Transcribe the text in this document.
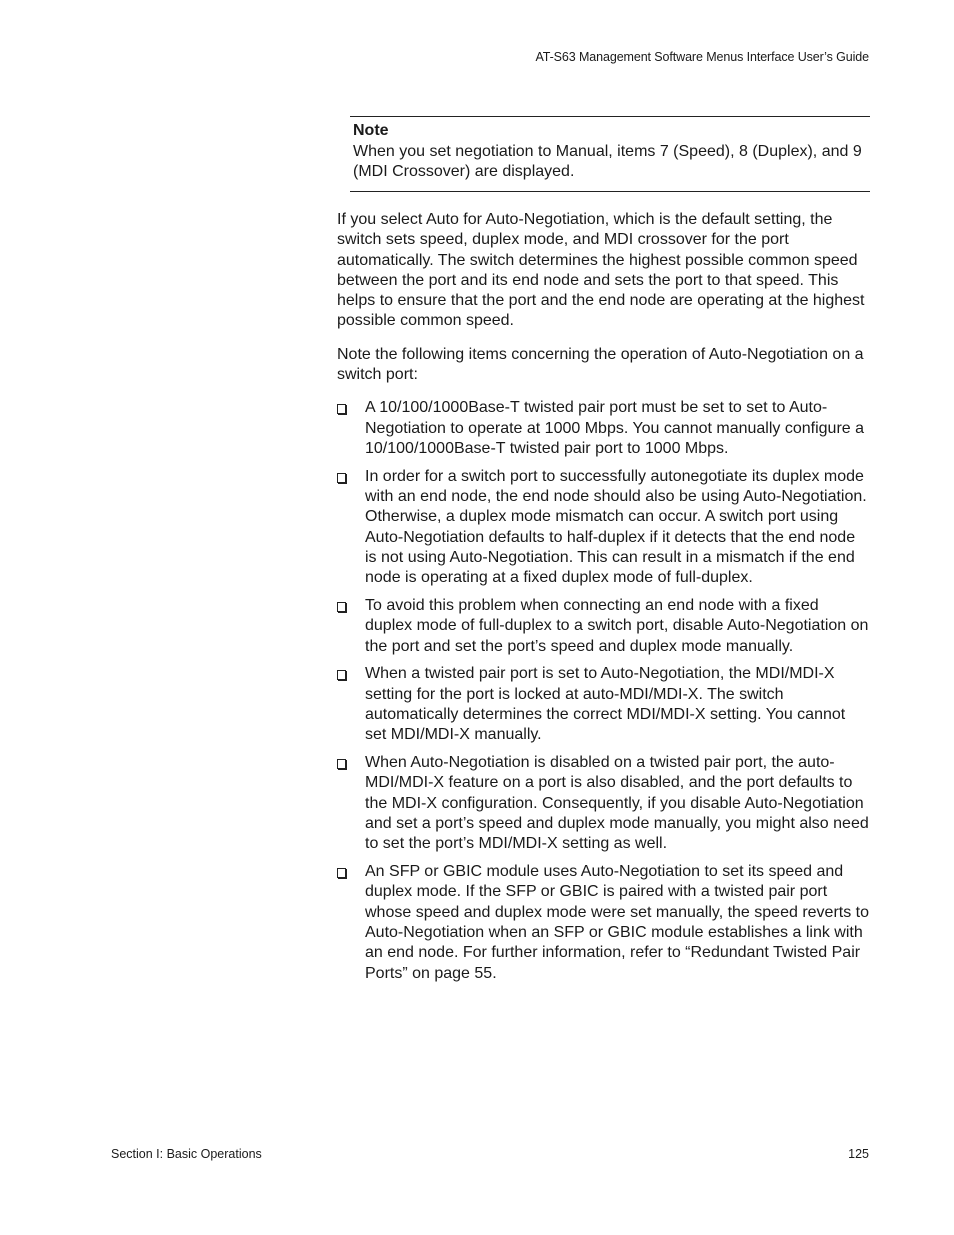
AT-S63 Management Software Menus Interface User’s Guide
Note
When you set negotiation to Manual, items 7 (Speed), 8 (Duplex), and 9 (MDI Crossover) are displayed.

If you select Auto for Auto-Negotiation, which is the default setting, the switch sets speed, duplex mode, and MDI crossover for the port automatically. The switch determines the highest possible common speed between the port and its end node and sets the port to that speed. This helps to ensure that the port and the end node are operating at the highest possible common speed.

Note the following items concerning the operation of Auto-Negotiation on a switch port:

A 10/100/1000Base-T twisted pair port must be set to set to Auto-Negotiation to operate at 1000 Mbps. You cannot manually configure a 10/100/1000Base-T twisted pair port to 1000 Mbps.
In order for a switch port to successfully autonegotiate its duplex mode with an end node, the end node should also be using Auto-Negotiation. Otherwise, a duplex mode mismatch can occur. A switch port using Auto-Negotiation defaults to half-duplex if it detects that the end node is not using Auto-Negotiation. This can result in a mismatch if the end node is operating at a fixed duplex mode of full-duplex.
To avoid this problem when connecting an end node with a fixed duplex mode of full-duplex to a switch port, disable Auto-Negotiation on the port and set the port’s speed and duplex mode manually.
When a twisted pair port is set to Auto-Negotiation, the MDI/MDI-X setting for the port is locked at auto-MDI/MDI-X. The switch automatically determines the correct MDI/MDI-X setting. You cannot set MDI/MDI-X manually.
When Auto-Negotiation is disabled on a twisted pair port, the auto-MDI/MDI-X feature on a port is also disabled, and the port defaults to the MDI-X configuration. Consequently, if you disable Auto-Negotiation and set a port’s speed and duplex mode manually, you might also need to set the port’s MDI/MDI-X setting as well.
An SFP or GBIC module uses Auto-Negotiation to set its speed and duplex mode. If the SFP or GBIC is paired with a twisted pair port whose speed and duplex mode were set manually, the speed reverts to Auto-Negotiation when an SFP or GBIC module establishes a link with an end node. For further information, refer to “Redundant Twisted Pair Ports” on page 55.
Section I: Basic Operations	125
